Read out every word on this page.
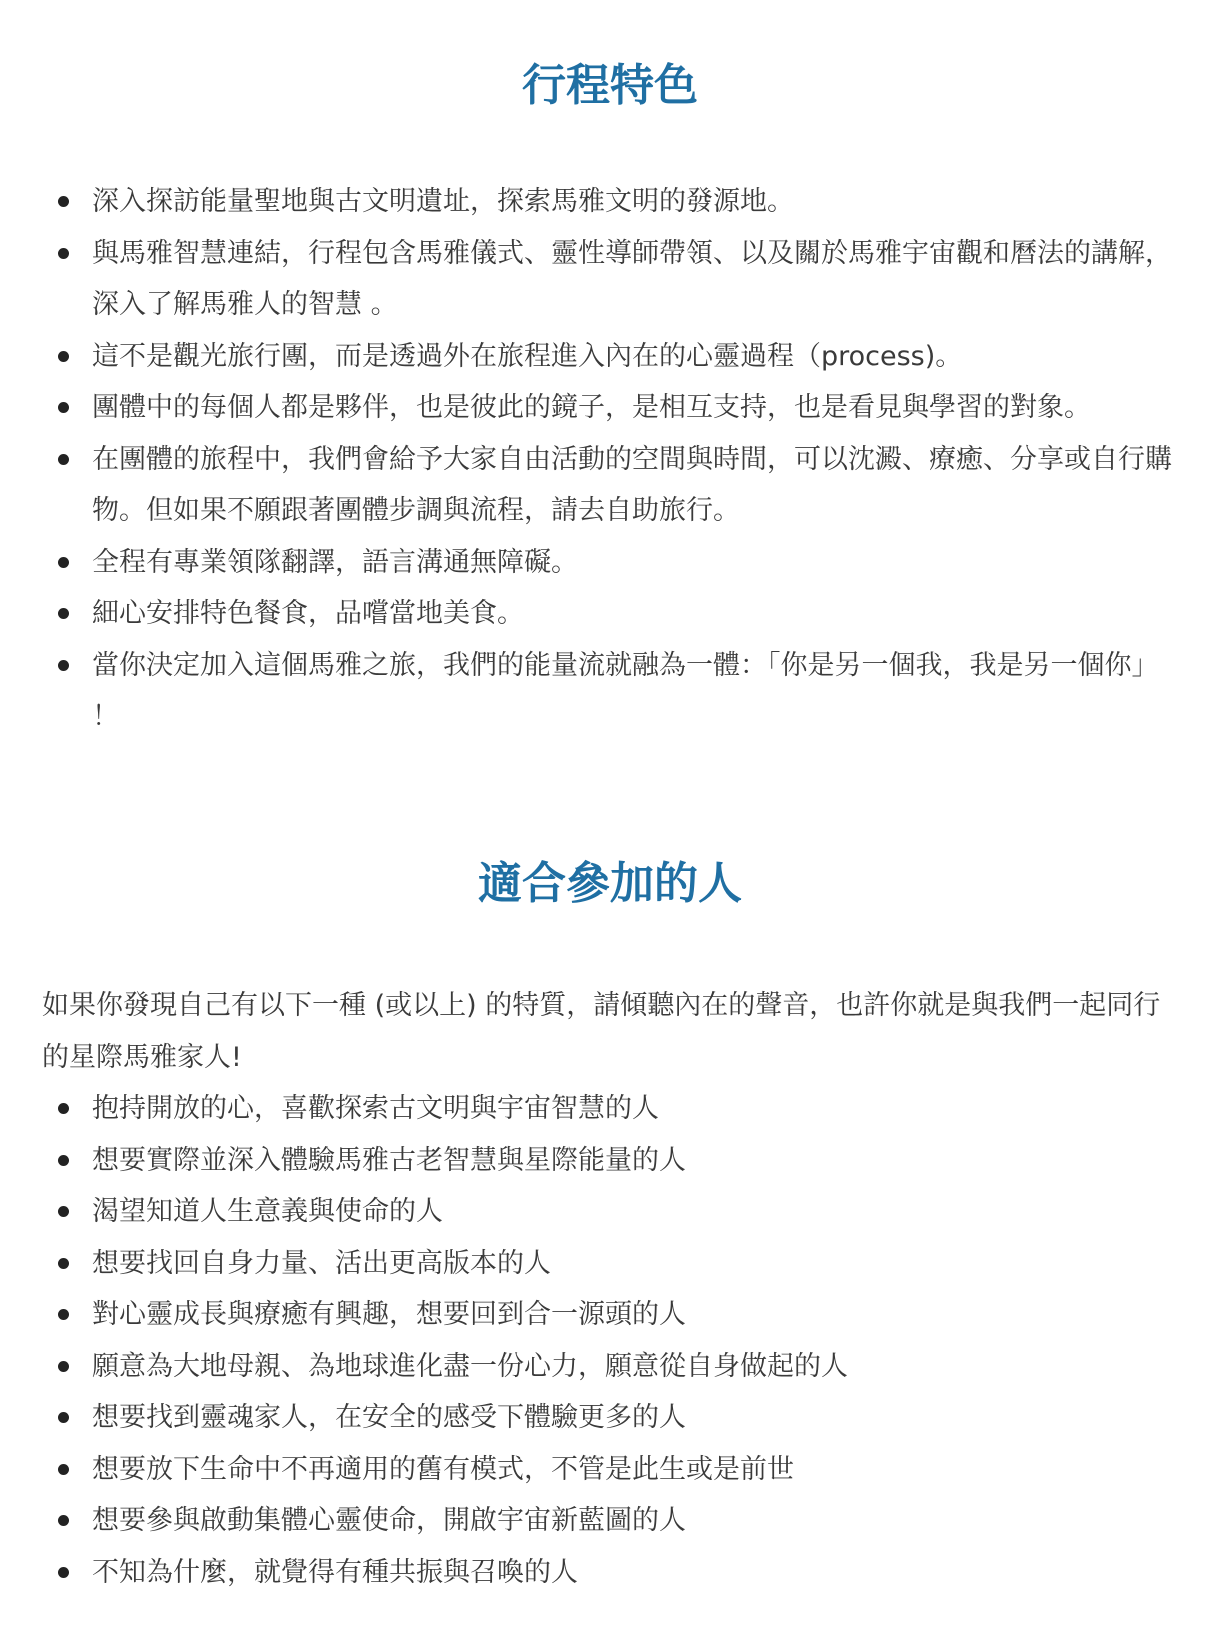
行程特色
深入探訪能量聖地與古文明遺址，探索馬雅文明的發源地。
與馬雅智慧連結，行程包含馬雅儀式、靈性導師帶領、以及關於馬雅宇宙觀和曆法的講解，深入了解馬雅人的智慧 。
這不是觀光旅行團，而是透過外在旅程進入內在的心靈過程（process)。
團體中的每個人都是夥伴，也是彼此的鏡子，是相互支持，也是看見與學習的對象。
在團體的旅程中，我們會給予大家自由活動的空間與時間，可以沈澱、療癒、分享或自行購物。但如果不願跟著團體步調與流程，請去自助旅行。
全程有專業領隊翻譯，語言溝通無障礙。
細心安排特色餐食，品嚐當地美食。
當你決定加入這個馬雅之旅，我們的能量流就融為一體：「你是另一個我，我是另一個你」 ！
適合參加的人

如果你發現自己有以下一種 (或以上) 的特質，請傾聽內在的聲音，也許你就是與我們一起同行的星際馬雅家人!

抱持開放的心，喜歡探索古文明與宇宙智慧的人
想要實際並深入體驗馬雅古老智慧與星際能量的人
渴望知道人生意義與使命的人
想要找回自身力量、活出更高版本的人
對心靈成長與療癒有興趣，想要回到合一源頭的人
願意為大地母親、為地球進化盡一份心力，願意從自身做起的人
想要找到靈魂家人，在安全的感受下體驗更多的人
想要放下生命中不再適用的舊有模式，不管是此生或是前世
想要參與啟動集體心靈使命，開啟宇宙新藍圖的人
不知為什麼，就覺得有種共振與召喚的人
